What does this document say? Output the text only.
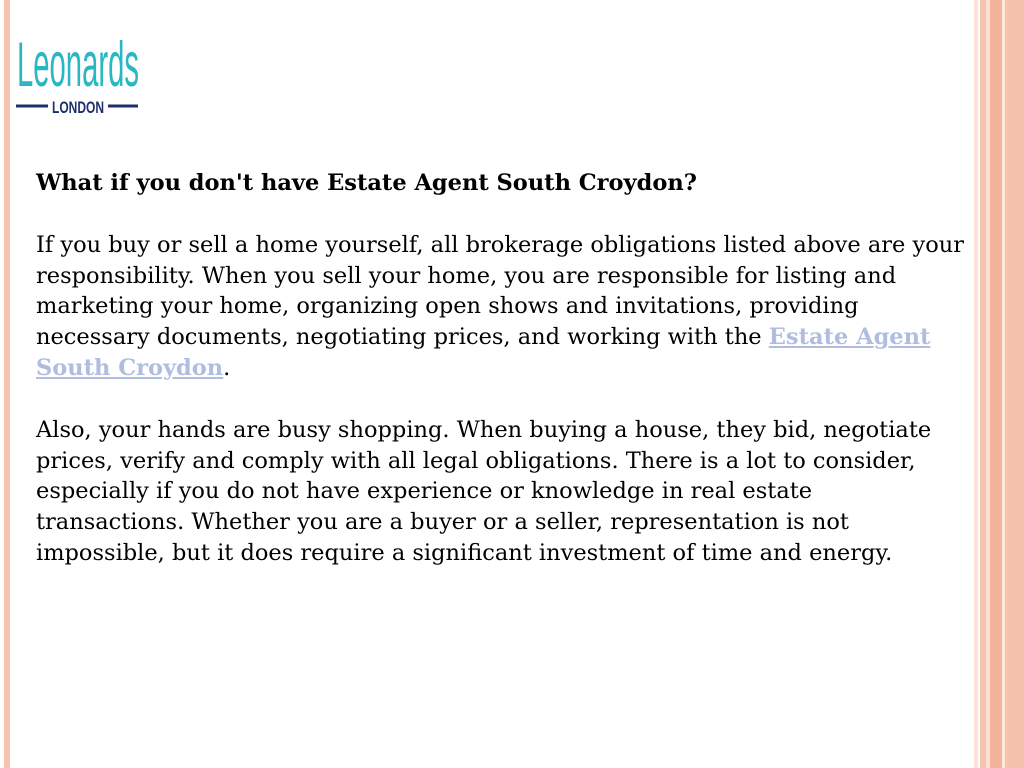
Leonards
LONDON

What if you don't have Estate Agent South Croydon?

If you buy or sell a home yourself, all brokerage obligations listed above are your responsibility. When you sell your home, you are responsible for listing and marketing your home, organizing open shows and invitations, providing necessary documents, negotiating prices, and working with the Estate Agent South Croydon.

Also, your hands are busy shopping. When buying a house, they bid, negotiate prices, verify and comply with all legal obligations. There is a lot to consider, especially if you do not have experience or knowledge in real estate transactions. Whether you are a buyer or a seller, representation is not impossible, but it does require a significant investment of time and energy.
